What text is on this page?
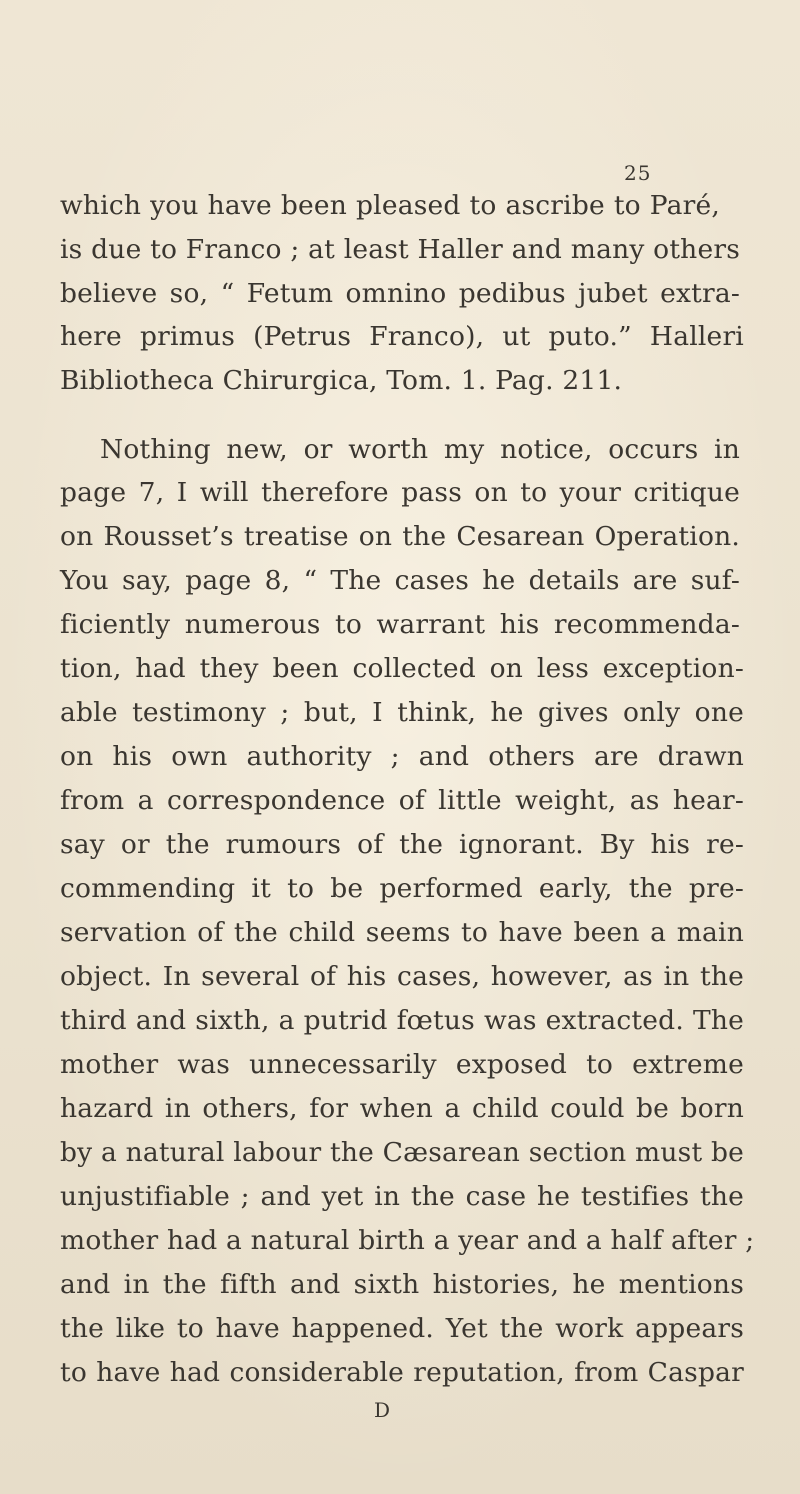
25
which you have been pleased to ascribe to Paré,
is due to Franco ; at least Haller and many others
believe so, “ Fetum omnino pedibus jubet extra-
here primus (Petrus Franco), ut puto.” Halleri
Bibliotheca Chirurgica, Tom. 1. Pag. 211.
Nothing new, or worth my notice, occurs in
page 7, I will therefore pass on to your critique
on Rousset’s treatise on the Cesarean Operation.
You say, page 8, “ The cases he details are suf-
ficiently numerous to warrant his recommenda-
tion, had they been collected on less exception-
able testimony ; but, I think, he gives only one
on his own authority ; and others are drawn
from a correspondence of little weight, as hear-
say or the rumours of the ignorant. By his re-
commending it to be performed early, the pre-
servation of the child seems to have been a main
object. In several of his cases, however, as in the
third and sixth, a putrid fœtus was extracted. The
mother was unnecessarily exposed to extreme
hazard in others, for when a child could be born
by a natural labour the Cæsarean section must be
unjustifiable ; and yet in the case he testifies the
mother had a natural birth a year and a half after ;
and in the fifth and sixth histories, he mentions
the like to have happened. Yet the work appears
to have had considerable reputation, from Caspar
D
